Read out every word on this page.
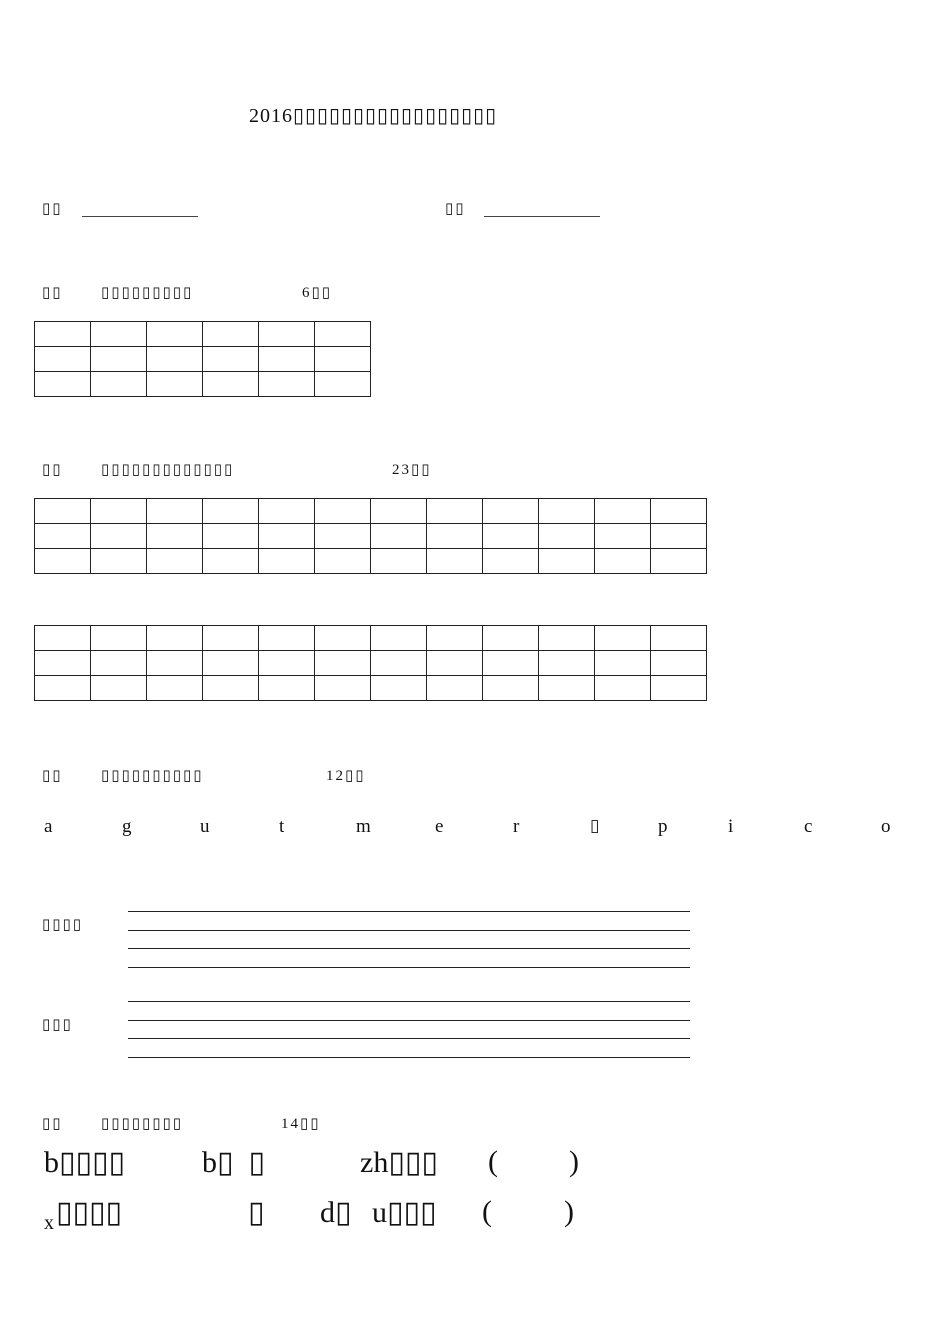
2016▯▯▯▯▯▯▯▯▯▯▯▯▯▯▯▯▯
▯▯	▯▯
▯▯	▯▯▯▯▯▯▯▯▯	6▯▯

▯▯	▯▯▯▯▯▯▯▯▯▯▯▯▯	23▯▯

▯▯	▯▯▯▯▯▯▯▯▯▯	12▯▯
a	g	u	t	m	e	r	▯	p	i	c	o
▯▯▯▯
▯▯▯
▯▯	▯▯▯▯▯▯▯▯	14▯▯
b▯▯▯▯	b▯  ▯	zh▯▯▯ ( )
x ▯▯▯▯	▯ d▯ u▯▯▯ ( )
